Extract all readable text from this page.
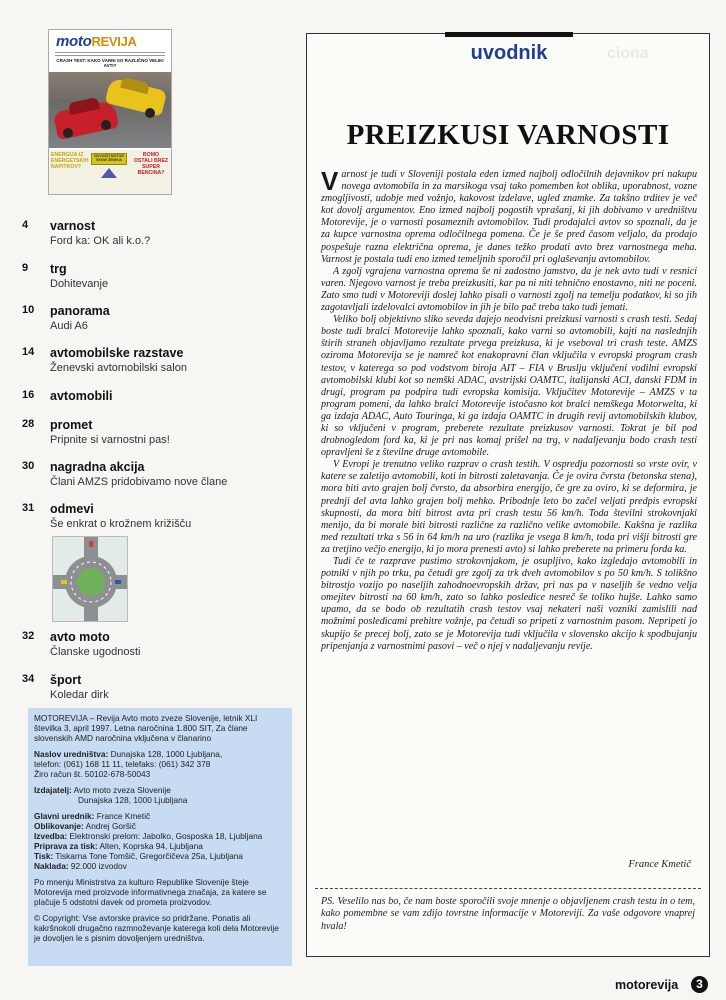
motoREVIJA
CRASH TEST: KAKO VARNI SO RAZLIČNO VELIKI AVTI?
ENERGIJA IZ ENERGETSKIH NAPITKOV?
NOVOSTI MOTOR SHOW ŽENEVA
BOMO OSTALI BREZ SUPER BENCINA?
4 varnost
Ford ka: OK ali k.o.?
9 trg
Dohitevanje
10 panorama
Audi A6
14 avtomobilske razstave
Ženevski avtomobilski salon
16 avtomobili
28 promet
Pripnite si varnostni pas!
30 nagradna akcija
Člani AMZS pridobivamo nove člane
31 odmevi
Še enkrat o krožnem križišču
32 avto moto
Članske ugodnosti
34 šport
Koledar dirk
MOTOREVIJA – Revija Avto moto zveze Slovenije, letnik XLI številka 3, april 1997. Letna naročnina 1.800 SIT, Za člane slovenskih AMD naročnina vključena v članarino
Naslov uredništva: Dunajska 128, 1000 Ljubljana,
telefon: (061) 168 11 11, telefaks: (061) 342 378
Žiro račun št. 50102-678-50043
Izdajatelj: Avto moto zveza Slovenije
Dunajska 128, 1000 Ljubljana
Glavni urednik: France Kmetič
Oblikovanje: Andrej Goršič
Izvedba: Elektronski prelom: Jabolko, Gosposka 18, Ljubljana
Priprava za tisk: Alten, Koprska 94, Ljubljana
Tisk: Tiskarna Tone Tomšič, Gregorčičeva 25a, Ljubljana
Naklada: 92.000 izvodov
Po mnenju Ministrstva za kulturo Republike Slovenije šteje Motorevija med proizvode informativnega značaja, za katere se plačuje 5 odstotni davek od prometa proizvodov.
© Copyright: Vse avtorske pravice so pridržane. Ponatis ali kakršnokoli drugačno razmnoževanje katerega koli dela Motorevije je dovoljen le s pisnim dovoljenjem uredništva.
uvodnik	ciona
PREIZKUSI VARNOSTI

Varnost je tudi v Sloveniji postala eden izmed najbolj odločilnih dejavnikov pri nakupu novega avtomobila in za marsikoga vsaj tako pomemben kot oblika, uporabnost, vozne zmogljivosti, udobje med vožnjo, kakovost izdelave, ugled znamke. Za takšno trditev je več kot dovolj argumentov. Eno izmed najbolj pogostih vprašanj, ki jih dobivamo v uredništvu Motorevije, je o varnosti posameznih avtomobilov. Tudi prodajalci avtov so spoznali, da je za kupce varnostna oprema odločilnega pomena. Če je še pred časom veljalo, da prodajo pospešuje razna električna oprema, je danes težko prodati avto brez varnostnega meha. Varnost je postala tudi eno izmed temeljnih sporočil pri oglaševanju avtomobilov.

A zgolj vgrajena varnostna oprema še ni zadostno jamstvo, da je nek avto tudi v resnici varen. Njegovo varnost je treba preizkusiti, kar pa ni niti tehnično enostavno, niti ne poceni. Zato smo tudi v Motoreviji doslej lahko pisali o varnosti zgolj na temelju podatkov, ki so jih zagotavljali izdelovalci avtomobilov in jih je bilo pač treba tako tudi jemati.

Veliko bolj objektivno sliko seveda dajejo neodvisni preizkusi varnosti s crash testi. Sedaj boste tudi bralci Motorevije lahko spoznali, kako varni so avtomobili, kajti na naslednjih štirih straneh objavljamo rezultate prvega preizkusa, ki je vseboval tri crash teste. AMZS oziroma Motorevija se je namreč kot enakopravni član vključila v evropski program crash testov, v katerega so pod vodstvom biroja AIT – FIA v Bruslju vključeni vodilni evropski avtomobilski klubi kot so nemški ADAC, avstrijski OAMTC, italijanski ACI, danski FDM in drugi, program pa podpira tudi evropska komisija. Vključitev Motorevije – AMZS v ta program pomeni, da lahko bralci Motorevije istočasno kot bralci nemškega Motorwelta, ki ga izdaja ADAC, Auto Touringa, ki ga izdaja OAMTC in drugih revij avtomobilskih klubov, ki so vključeni v program, preberete rezultate preizkusov varnosti. Tokrat je bil pod drobnogledom ford ka, ki je pri nas komaj prišel na trg, v nadaljevanju bodo crash testi opravljeni še z številne druge avtomobile.

V Evropi je trenutno veliko razprav o crash testih. V ospredju pozornosti so vrste ovir, v katere se zaletijo avtomobili, koti in bitrosti zaletavanja. Če je ovira čvrsta (betonska stena), mora biti avto grajen bolj čvrsto, da absorbira energijo, če gre za oviro, ki se deformira, je prednji del avta lahko grajen bolj mehko. Pribodnje leto bo začel veljati predpis evropski skupnosti, da mora biti bitrost avta pri crash testu 56 km/h. Toda številni strokovnjaki menijo, da bi morale biti bitrosti različne za različno velike avtomobile. Kakšna je razlika med rezultati trka s 56 in 64 km/h na uro (razlika je vsega 8 km/h, toda pri višji bitrosti gre za tretjino večjo energijo, ki jo mora prenesti avto) si lahko preberete na primeru forda ka.

Tudi če te razprave pustimo strokovnjakom, je osupljivo, kako izgledajo avtomobili in potniki v njih po trku, pa četudi gre zgolj za trk dveh avtomobilov s po 50 km/h. S tolikšno bitrostjo vozijo po naseljih zahodnoevropskih držav, pri nas pa v naseljih še vedno velja omejitev bitrosti na 60 km/h, zato so lahko posledice nesreč še toliko hujše. Lahko samo upamo, da se bodo ob rezultatih crash testov vsaj nekateri naši vozniki zamislili nad možnimi posledicami prehitre vožnje, pa četudi so pripeti z varnostnim pasom. Nepripeti jo skupijo še precej bolj, zato se je Motorevija tudi vključila v slovensko akcijo k spodbujanju pripenjanja z varnostnimi pasovi – več o njej v nadaljevanju revije.

France Kmetič
PS. Veselilo nas bo, če nam boste sporočili svoje mnenje o objavljenem crash testu in o tem, kako pomembne se vam zdijo tovrstne informacije v Motoreviji. Za vaše odgovore vnaprej hvala!
motorevija	3
